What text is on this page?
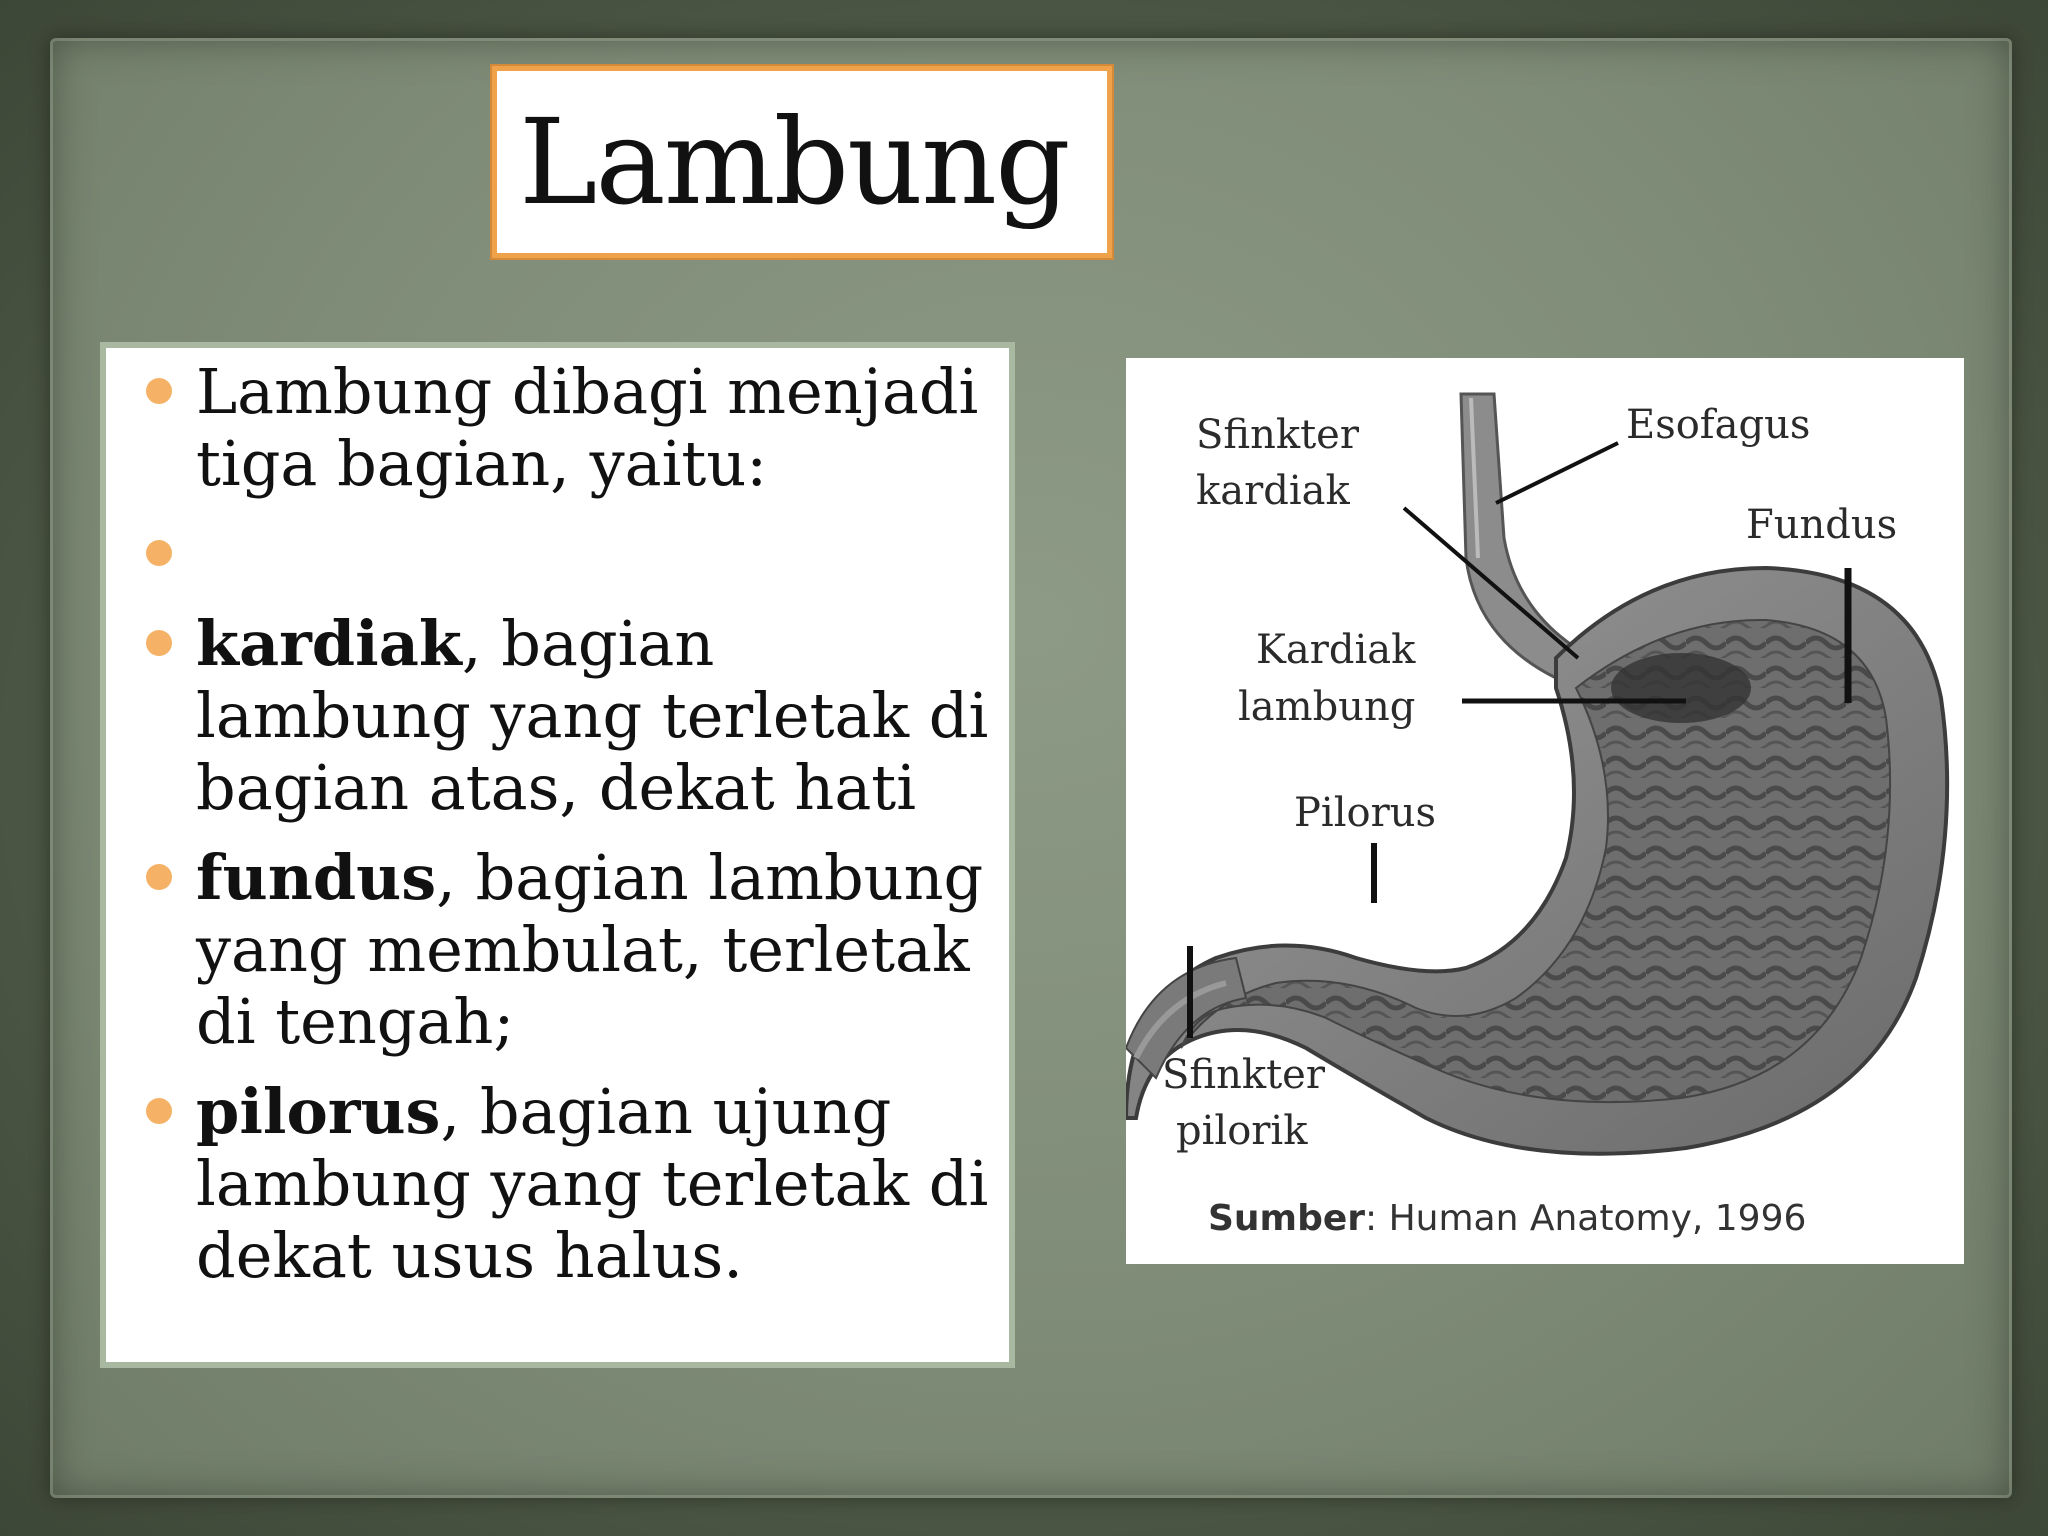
Lambung
Lambung dibagi menjadi tiga bagian, yaitu:
kardiak, bagian lambung yang terletak di bagian atas, dekat hati
fundus, bagian lambung yang membulat, terletak di tengah;
pilorus, bagian ujung lambung yang terletak di dekat usus halus.
Sfinkter
kardiak
Esofagus
Fundus
Kardiak
lambung
Pilorus
Sfinkter
pilorik
Sumber: Human Anatomy, 1996
